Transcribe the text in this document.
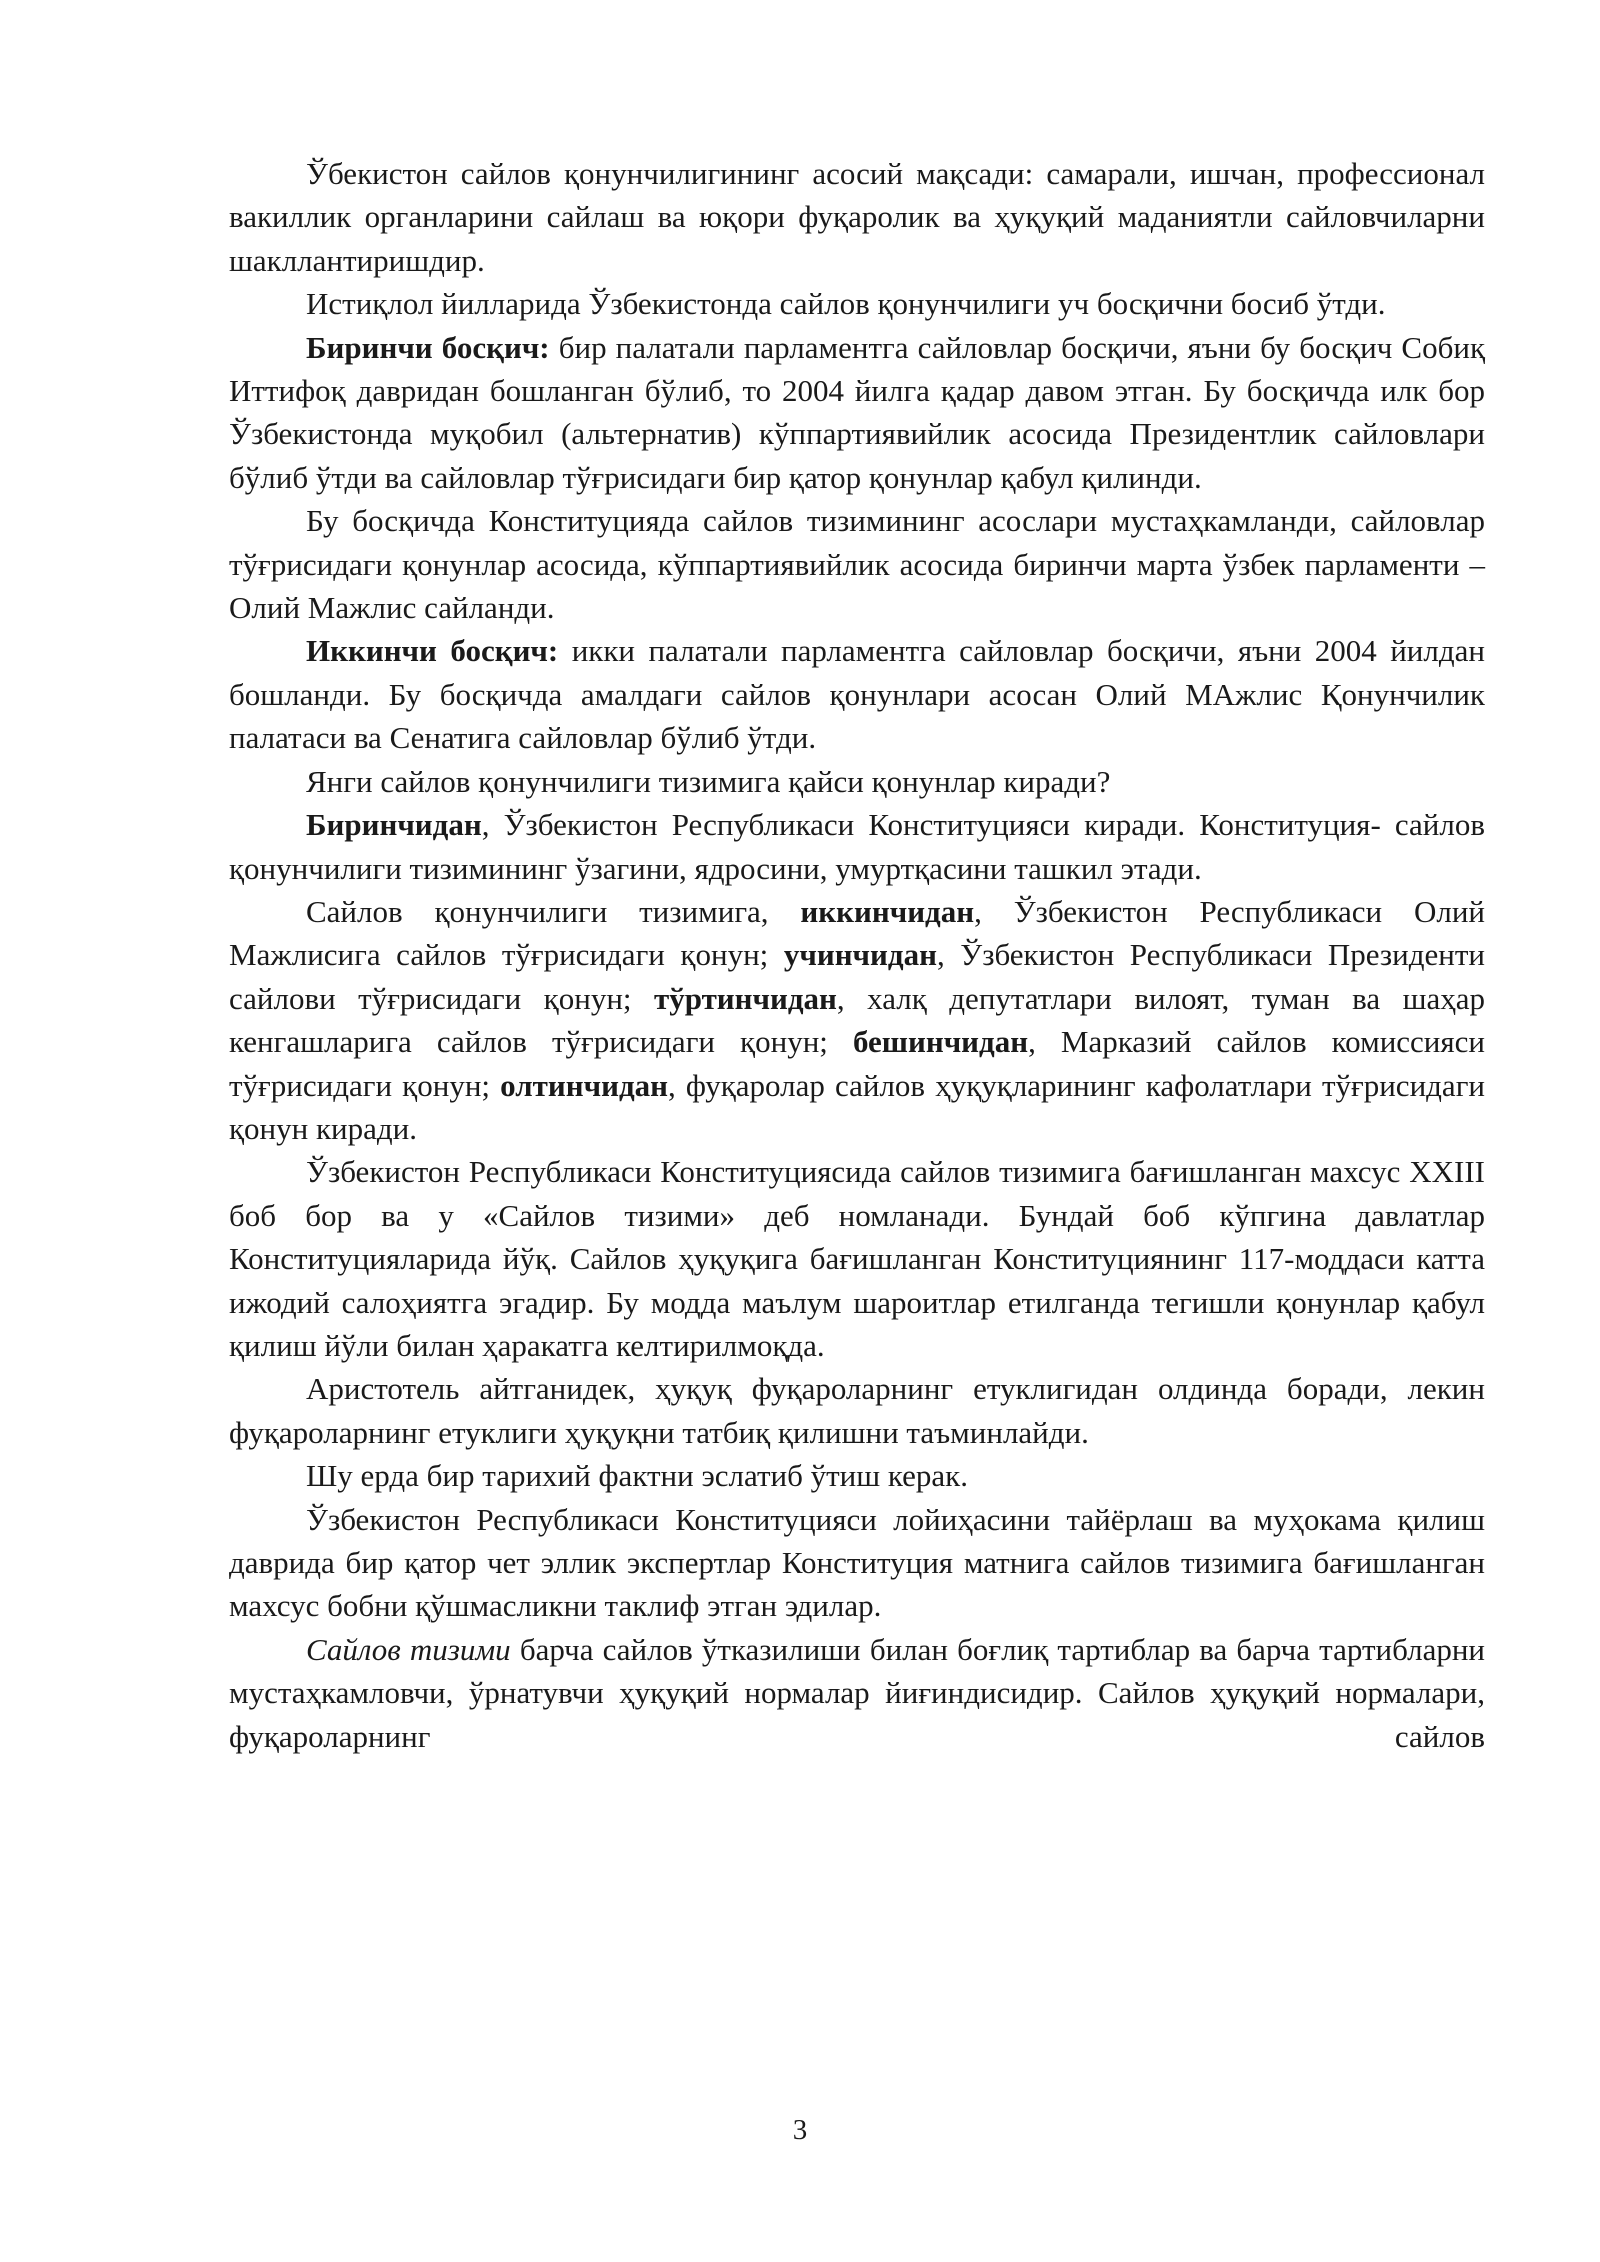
Ўбекистон сайлов қонунчилигининг асосий мақсади: самарали, ишчан, профессионал вакиллик органларини сайлаш ва юқори фуқаролик ва ҳуқуқий маданиятли сайловчиларни шакллантиришдир.

Истиқлол йилларида Ўзбекистонда сайлов қонунчилиги уч босқични босиб ўтди.

Биринчи босқич: бир палатали парламентга сайловлар босқичи, яъни бу босқич Собиқ Иттифоқ давридан бошланган бўлиб, то 2004 йилга қадар давом этган. Бу босқичда илк бор Ўзбекистонда муқобил (альтернатив) кўппартиявийлик асосида Президентлик сайловлари бўлиб ўтди ва сайловлар тўғрисидаги бир қатор қонунлар қабул қилинди.

Бу босқичда Конституцияда сайлов тизимининг асослари мустаҳкамланди, сайловлар тўғрисидаги қонунлар асосида, кўппартиявийлик асосида биринчи марта ўзбек парламенти – Олий Мажлис сайланди.

Иккинчи босқич: икки палатали парламентга сайловлар босқичи, яъни 2004 йилдан бошланди. Бу босқичда амалдаги сайлов қонунлари асосан Олий МАжлис Қонунчилик палатаси ва Сенатига сайловлар бўлиб ўтди.

Янги сайлов қонунчилиги тизимига қайси қонунлар киради?

Биринчидан, Ўзбекистон Республикаси Конституцияси киради. Конституция- сайлов қонунчилиги тизимининг ўзагини, ядросини, умуртқасини ташкил этади.

Сайлов қонунчилиги тизимига, иккинчидан, Ўзбекистон Республикаси Олий Мажлисига сайлов тўғрисидаги қонун; учинчидан, Ўзбекистон Республикаси Президенти сайлови тўғрисидаги қонун; тўртинчидан, халқ депутатлари вилоят, туман ва шаҳар кенгашларига сайлов тўғрисидаги қонун; бешинчидан, Марказий сайлов комиссияси тўғрисидаги қонун; олтинчидан, фуқаролар сайлов ҳуқуқларининг кафолатлари тўғрисидаги қонун киради.

Ўзбекистон Республикаси Конституциясида сайлов тизимига бағишланган махсус XXIII боб бор ва у «Сайлов тизими» деб номланади. Бундай боб кўпгина давлатлар Конституцияларида йўқ. Сайлов ҳуқуқига бағишланган Конституциянинг 117-моддаси катта ижодий салоҳиятга эгадир. Бу модда маълум шароитлар етилганда тегишли қонунлар қабул қилиш йўли билан ҳаракатга келтирилмоқда.

Аристотель айтганидек, ҳуқуқ фуқароларнинг етуклигидан олдинда боради, лекин фуқароларнинг етуклиги ҳуқуқни татбиқ қилишни таъминлайди.

Шу ерда бир тарихий фактни эслатиб ўтиш керак.

Ўзбекистон Республикаси Конституцияси лойиҳасини тайёрлаш ва муҳокама қилиш даврида бир қатор чет эллик экспертлар Конституция матнига сайлов тизимига бағишланган махсус бобни қўшмасликни таклиф этган эдилар.

Сайлов тизими барча сайлов ўтказилиши билан боғлиқ тартиблар ва барча тартибларни мустаҳкамловчи, ўрнатувчи ҳуқуқий нормалар йиғиндисидир. Сайлов ҳуқуқий нормалари, фуқароларнинг сайлов

3
